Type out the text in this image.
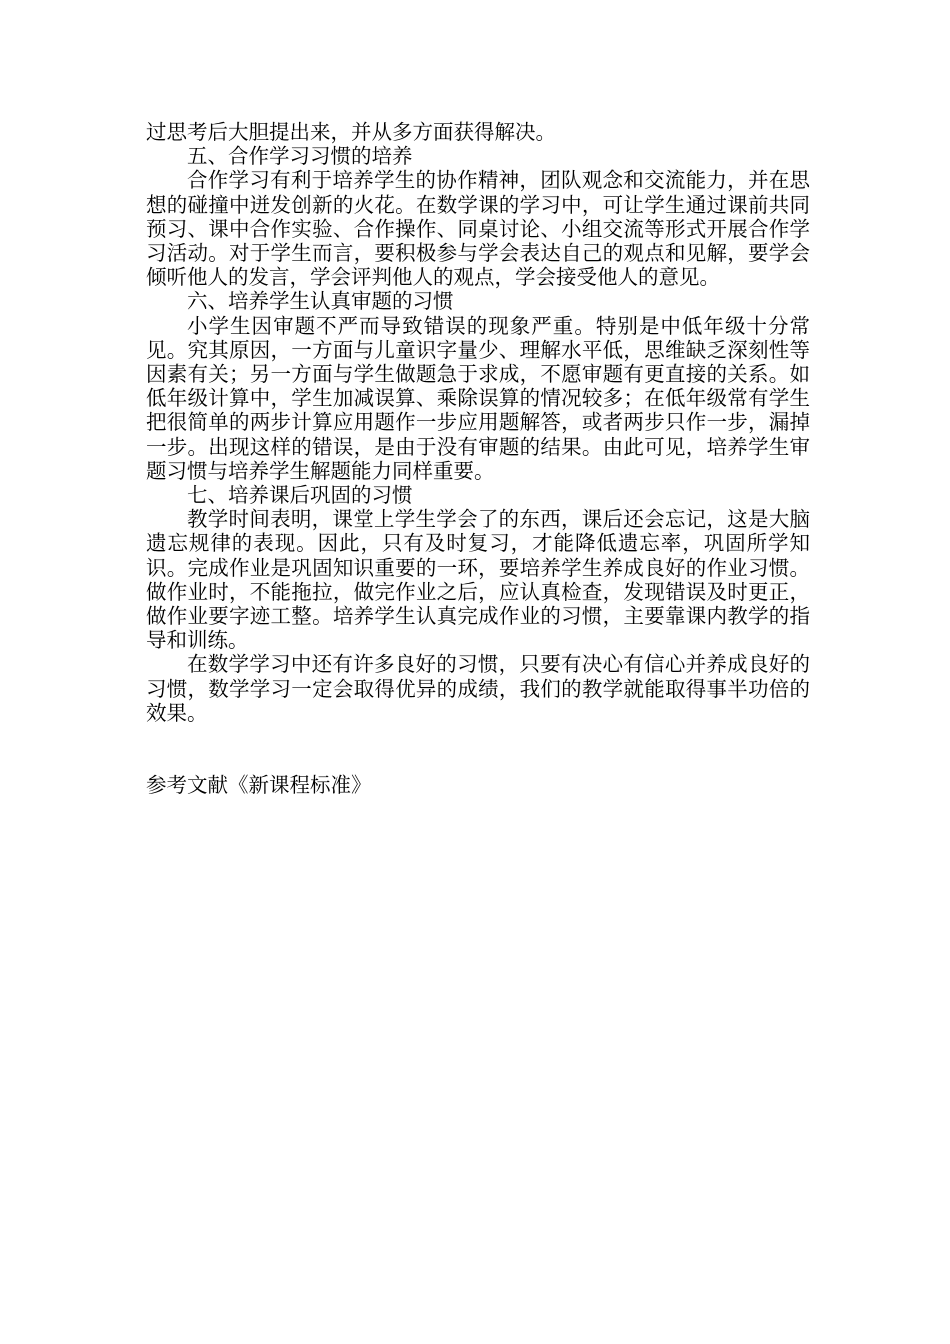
过思考后大胆提出来，并从多方面获得解决。

五、合作学习习惯的培养

合作学习有利于培养学生的协作精神，团队观念和交流能力，并在思想的碰撞中迸发创新的火花。在数学课的学习中，可让学生通过课前共同预习、课中合作实验、合作操作、同桌讨论、小组交流等形式开展合作学习活动。对于学生而言，要积极参与学会表达自己的观点和见解，要学会倾听他人的发言，学会评判他人的观点，学会接受他人的意见。

六、培养学生认真审题的习惯

小学生因审题不严而导致错误的现象严重。特别是中低年级十分常见。究其原因，一方面与儿童识字量少、理解水平低，思维缺乏深刻性等因素有关；另一方面与学生做题急于求成，不愿审题有更直接的关系。如低年级计算中，学生加减误算、乘除误算的情况较多；在低年级常有学生把很简单的两步计算应用题作一步应用题解答，或者两步只作一步，漏掉一步。出现这样的错误，是由于没有审题的结果。由此可见，培养学生审题习惯与培养学生解题能力同样重要。

七、培养课后巩固的习惯

教学时间表明，课堂上学生学会了的东西，课后还会忘记，这是大脑遗忘规律的表现。因此，只有及时复习，才能降低遗忘率，巩固所学知识。完成作业是巩固知识重要的一环，要培养学生养成良好的作业习惯。做作业时，不能拖拉，做完作业之后，应认真检查，发现错误及时更正，做作业要字迹工整。培养学生认真完成作业的习惯，主要靠课内教学的指导和训练。

在数学学习中还有许多良好的习惯，只要有决心有信心并养成良好的习惯，数学学习一定会取得优异的成绩，我们的教学就能取得事半功倍的效果。

参考文献《新课程标准》
